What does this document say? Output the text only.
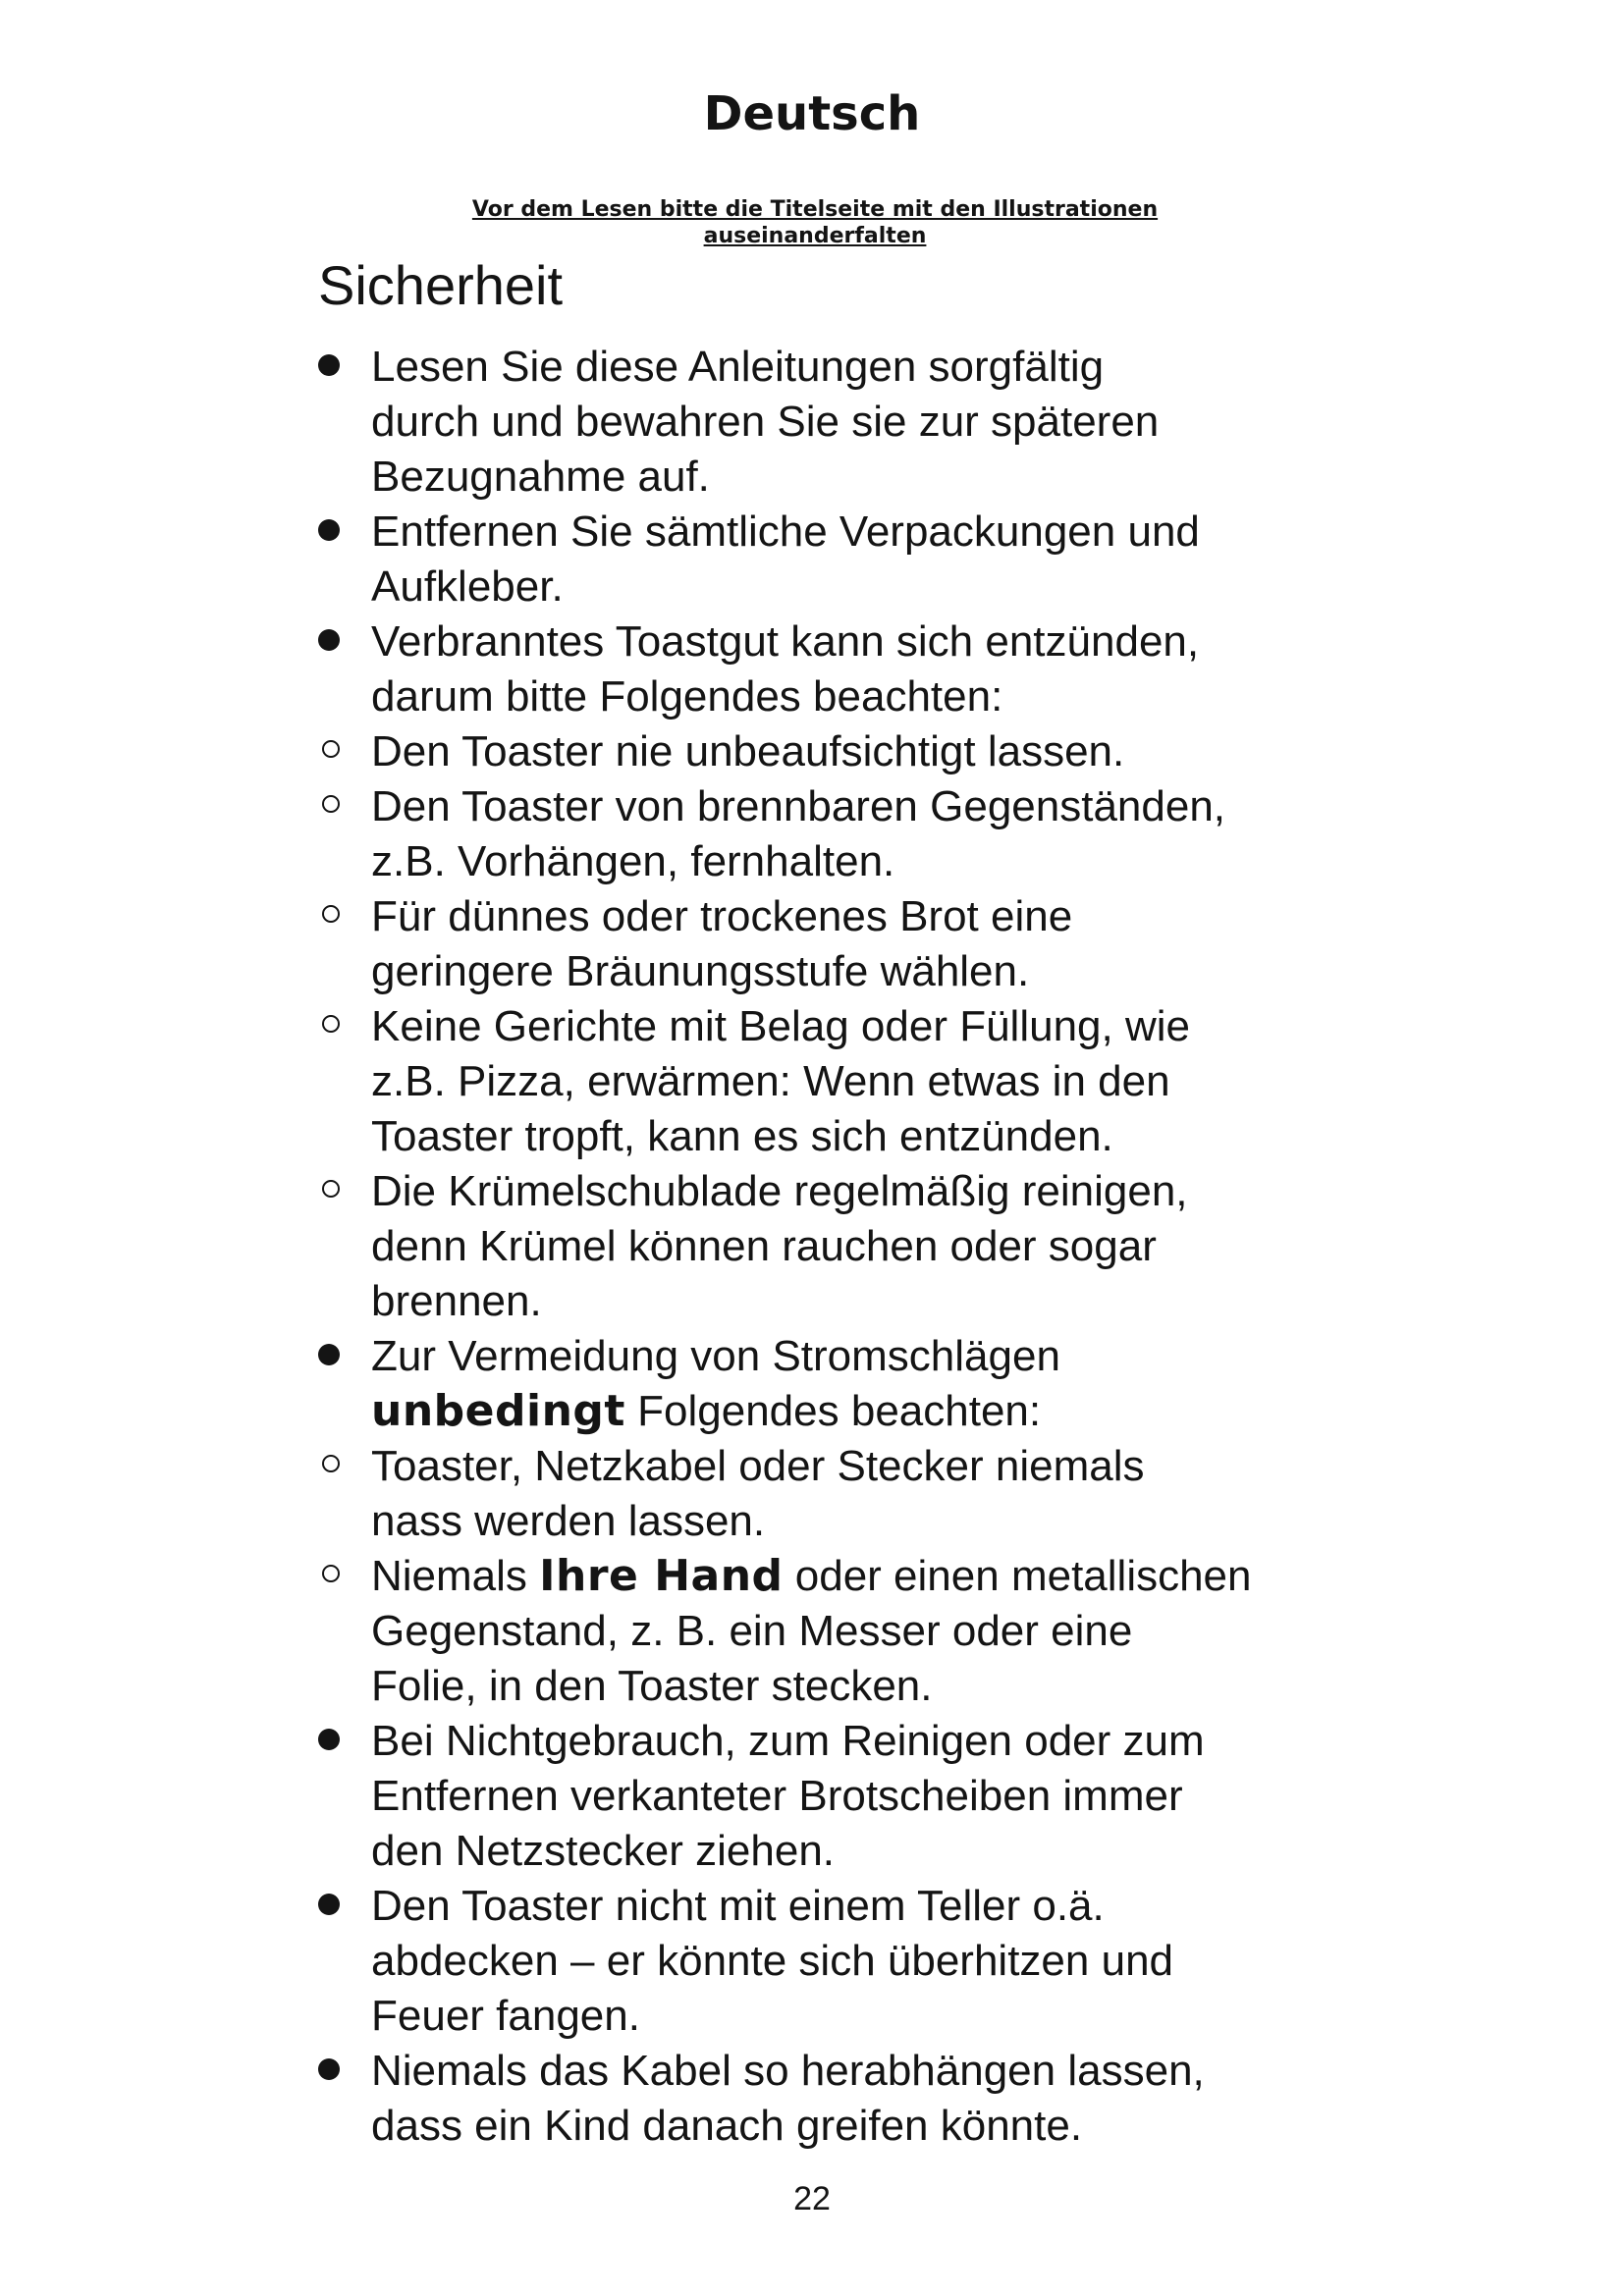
Deutsch
Vor dem Lesen bitte die Titelseite mit den Illustrationen
auseinanderfalten
Sicherheit
Lesen Sie diese Anleitungen sorgfältig
durch und bewahren Sie sie zur späteren
Bezugnahme auf.
Entfernen Sie sämtliche Verpackungen und
Aufkleber.
Verbranntes Toastgut kann sich entzünden,
darum bitte Folgendes beachten:
Den Toaster nie unbeaufsichtigt lassen.
Den Toaster von brennbaren Gegenständen,
z.B. Vorhängen, fernhalten.
Für dünnes oder trockenes Brot eine
geringere Bräunungsstufe wählen.
Keine Gerichte mit Belag oder Füllung, wie
z.B. Pizza, erwärmen: Wenn etwas in den
Toaster tropft, kann es sich entzünden.
Die Krümelschublade regelmäßig reinigen,
denn Krümel können rauchen oder sogar
brennen.
Zur Vermeidung von Stromschlägen
unbedingt Folgendes beachten:
Toaster, Netzkabel oder Stecker niemals
nass werden lassen.
Niemals Ihre Hand oder einen metallischen
Gegenstand, z. B. ein Messer oder eine
Folie, in den Toaster stecken.
Bei Nichtgebrauch, zum Reinigen oder zum
Entfernen verkanteter Brotscheiben immer
den Netzstecker ziehen.
Den Toaster nicht mit einem Teller o.ä.
abdecken – er könnte sich überhitzen und
Feuer fangen.
Niemals das Kabel so herabhängen lassen,
dass ein Kind danach greifen könnte.
22
